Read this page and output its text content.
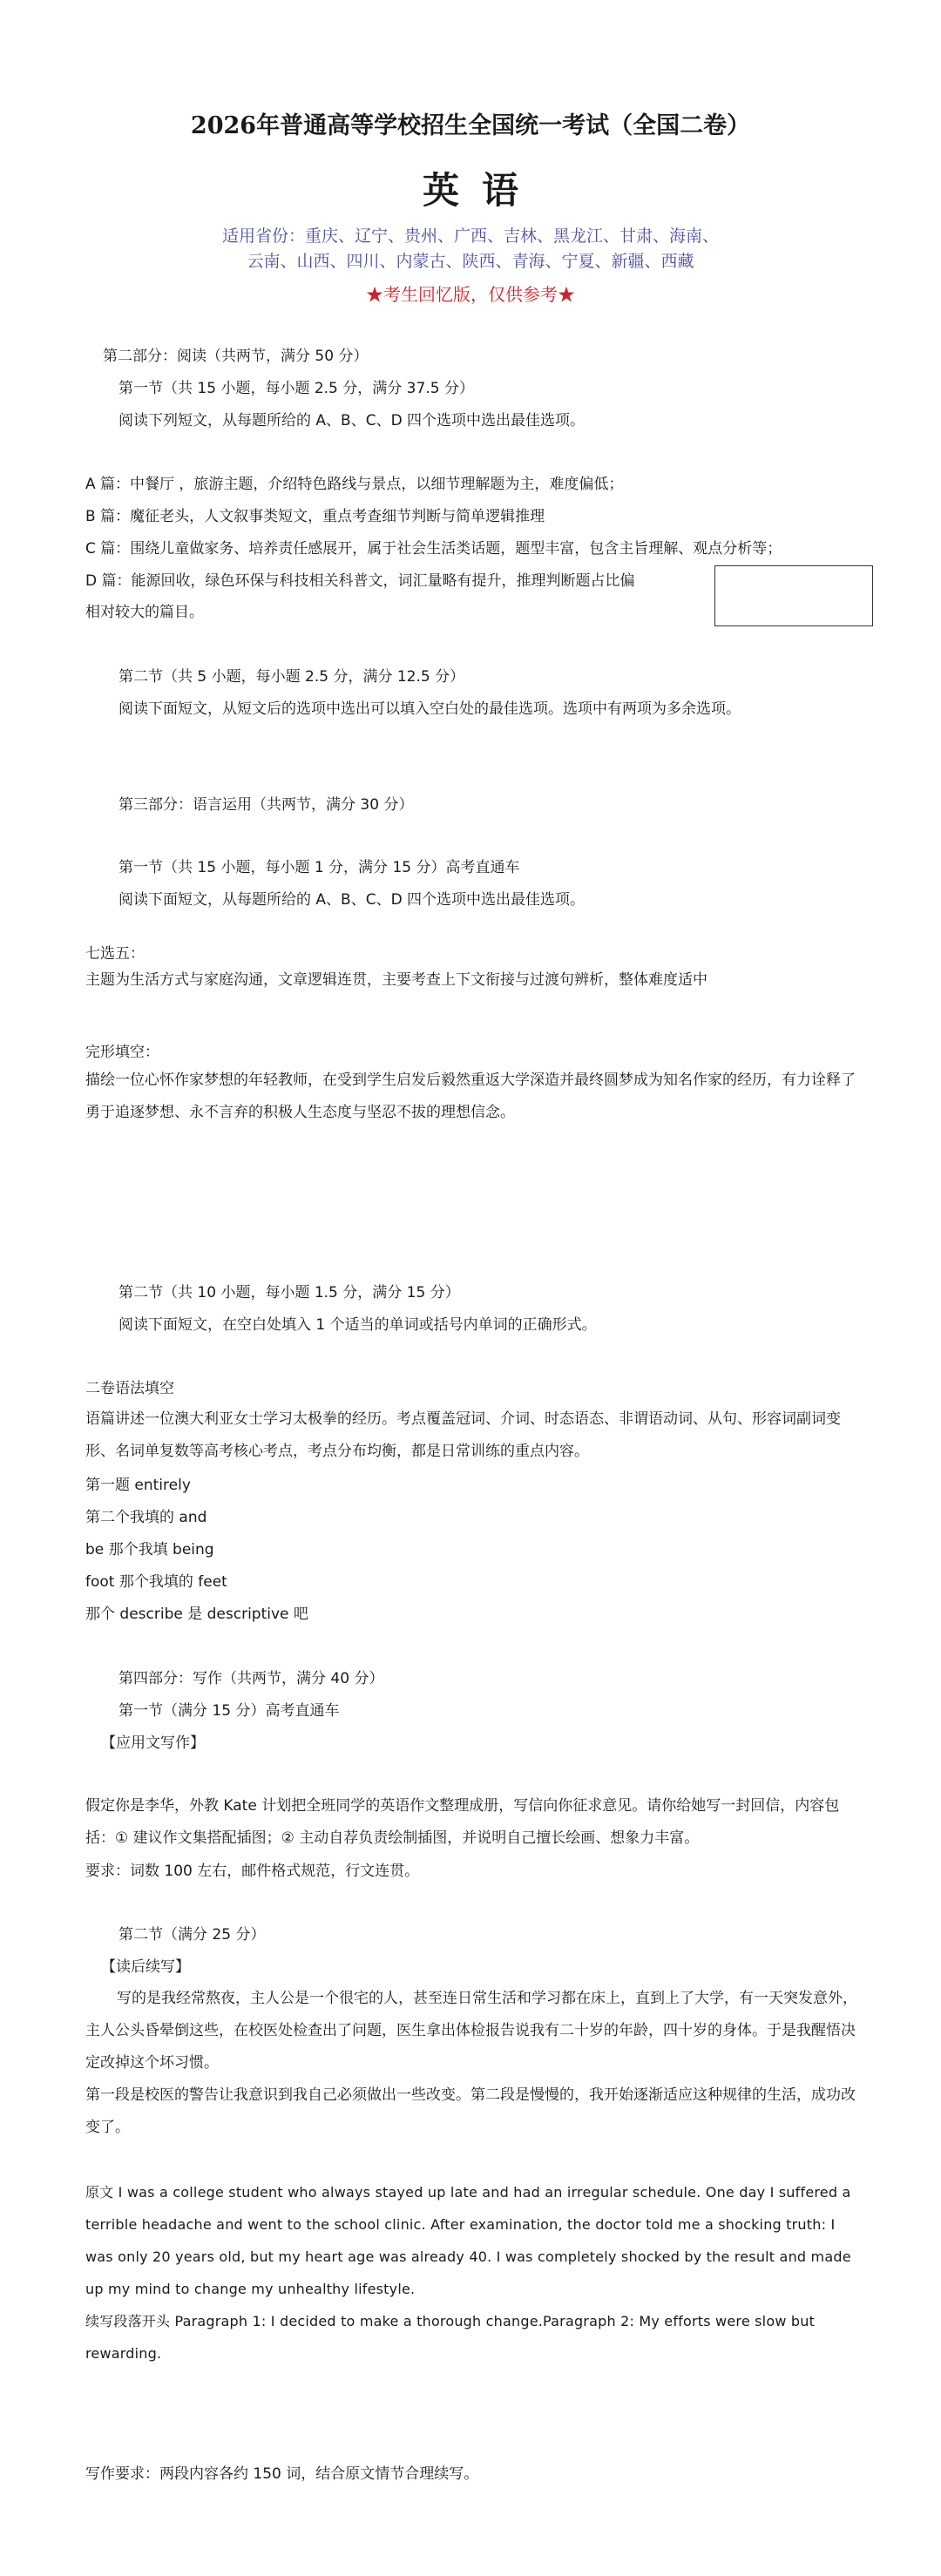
2026年普通高等学校招生全国统一考试（全国二卷）
英语
适用省份：重庆、辽宁、贵州、广西、吉林、黑龙江、甘肃、海南、
云南、山西、四川、内蒙古、陕西、青海、宁夏、新疆、西藏
★考生回忆版，仅供参考★
第二部分：阅读（共两节，满分 50 分）
第一节（共 15 小题，每小题 2.5 分，满分 37.5 分）
阅读下列短文，从每题所给的 A、B、C、D 四个选项中选出最佳选项。
A 篇：中餐厅 ，旅游主题，介绍特色路线与景点，以细节理解题为主，难度偏低；
B 篇：魔征老头，人文叙事类短文，重点考查细节判断与简单逻辑推理
C 篇：围绕儿童做家务、培养责任感展开，属于社会生活类话题，题型丰富，包含主旨理解、观点分析等；
D 篇：能源回收，绿色环保与科技相关科普文，词汇量略有提升，推理判断题占比偏
相对较大的篇目。
第二节（共 5 小题，每小题 2.5 分，满分 12.5 分）
阅读下面短文，从短文后的选项中选出可以填入空白处的最佳选项。选项中有两项为多余选项。
第三部分：语言运用（共两节，满分 30 分）
第一节（共 15 小题，每小题 1 分，满分 15 分）高考直通车
阅读下面短文，从每题所给的 A、B、C、D 四个选项中选出最佳选项。
七选五：
主题为生活方式与家庭沟通，文章逻辑连贯，主要考查上下文衔接与过渡句辨析，整体难度适中
完形填空：
描绘一位心怀作家梦想的年轻教师，在受到学生启发后毅然重返大学深造并最终圆梦成为知名作家的经历，有力诠释了勇于追逐梦想、永不言弃的积极人生态度与坚忍不拔的理想信念。
第二节（共 10 小题，每小题 1.5 分，满分 15 分）
阅读下面短文，在空白处填入 1 个适当的单词或括号内单词的正确形式。
二卷语法填空
语篇讲述一位澳大利亚女士学习太极拳的经历。考点覆盖冠词、介词、时态语态、非谓语动词、从句、形容词副词变形、名词单复数等高考核心考点，考点分布均衡，都是日常训练的重点内容。
第一题 entirely
第二个我填的 and
be 那个我填 being
foot 那个我填的 feet
那个 describe 是 descriptive 吧
第四部分：写作（共两节，满分 40 分）
第一节（满分 15 分）高考直通车
【应用文写作】
假定你是李华，外教 Kate 计划把全班同学的英语作文整理成册，写信向你征求意见。请你给她写一封回信，内容包括：① 建议作文集搭配插图；② 主动自荐负责绘制插图，并说明自己擅长绘画、想象力丰富。
要求：词数 100 左右，邮件格式规范，行文连贯。
第二节（满分 25 分）
【读后续写】
写的是我经常熬夜，主人公是一个很宅的人，甚至连日常生活和学习都在床上，直到上了大学，有一天突发意外，主人公头昏晕倒这些，在校医处检查出了问题，医生拿出体检报告说我有二十岁的年龄，四十岁的身体。于是我醒悟决定改掉这个坏习惯。
第一段是校医的警告让我意识到我自己必须做出一些改变。第二段是慢慢的，我开始逐渐适应这种规律的生活，成功改变了。
原文 I was a college student who always stayed up late and had an irregular schedule. One day I suffered a terrible headache and went to the school clinic. After examination, the doctor told me a shocking truth: I was only 20 years old, but my heart age was already 40. I was completely shocked by the result and made up my mind to change my unhealthy lifestyle.
续写段落开头 Paragraph 1: I decided to make a thorough change.Paragraph 2: My efforts were slow but rewarding.
写作要求：两段内容各约 150 词，结合原文情节合理续写。
